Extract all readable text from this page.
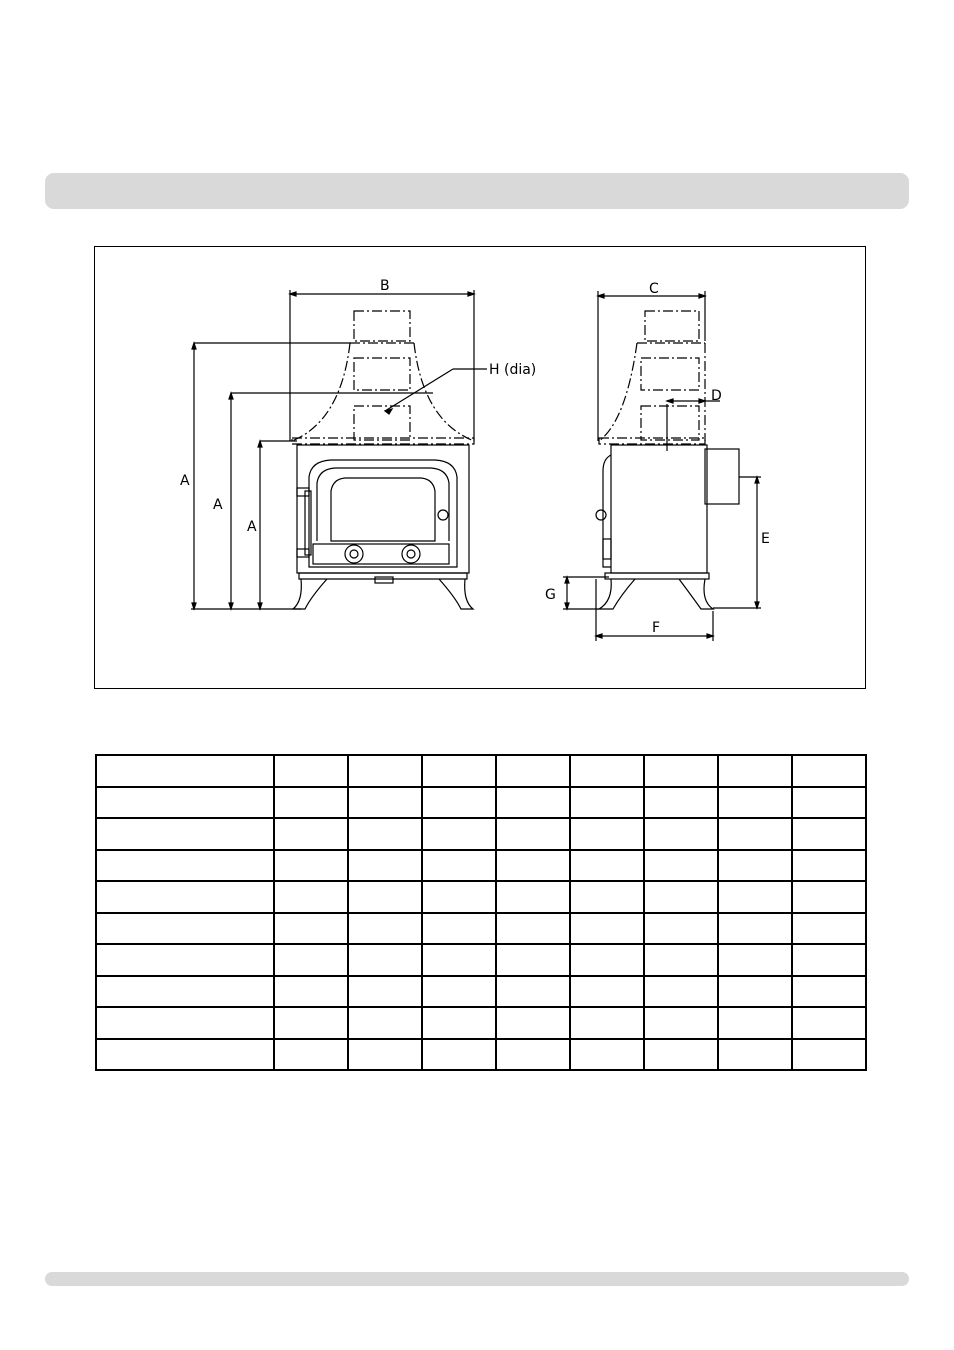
B
A
A
A
H (dia)
C
D
E
F
G
